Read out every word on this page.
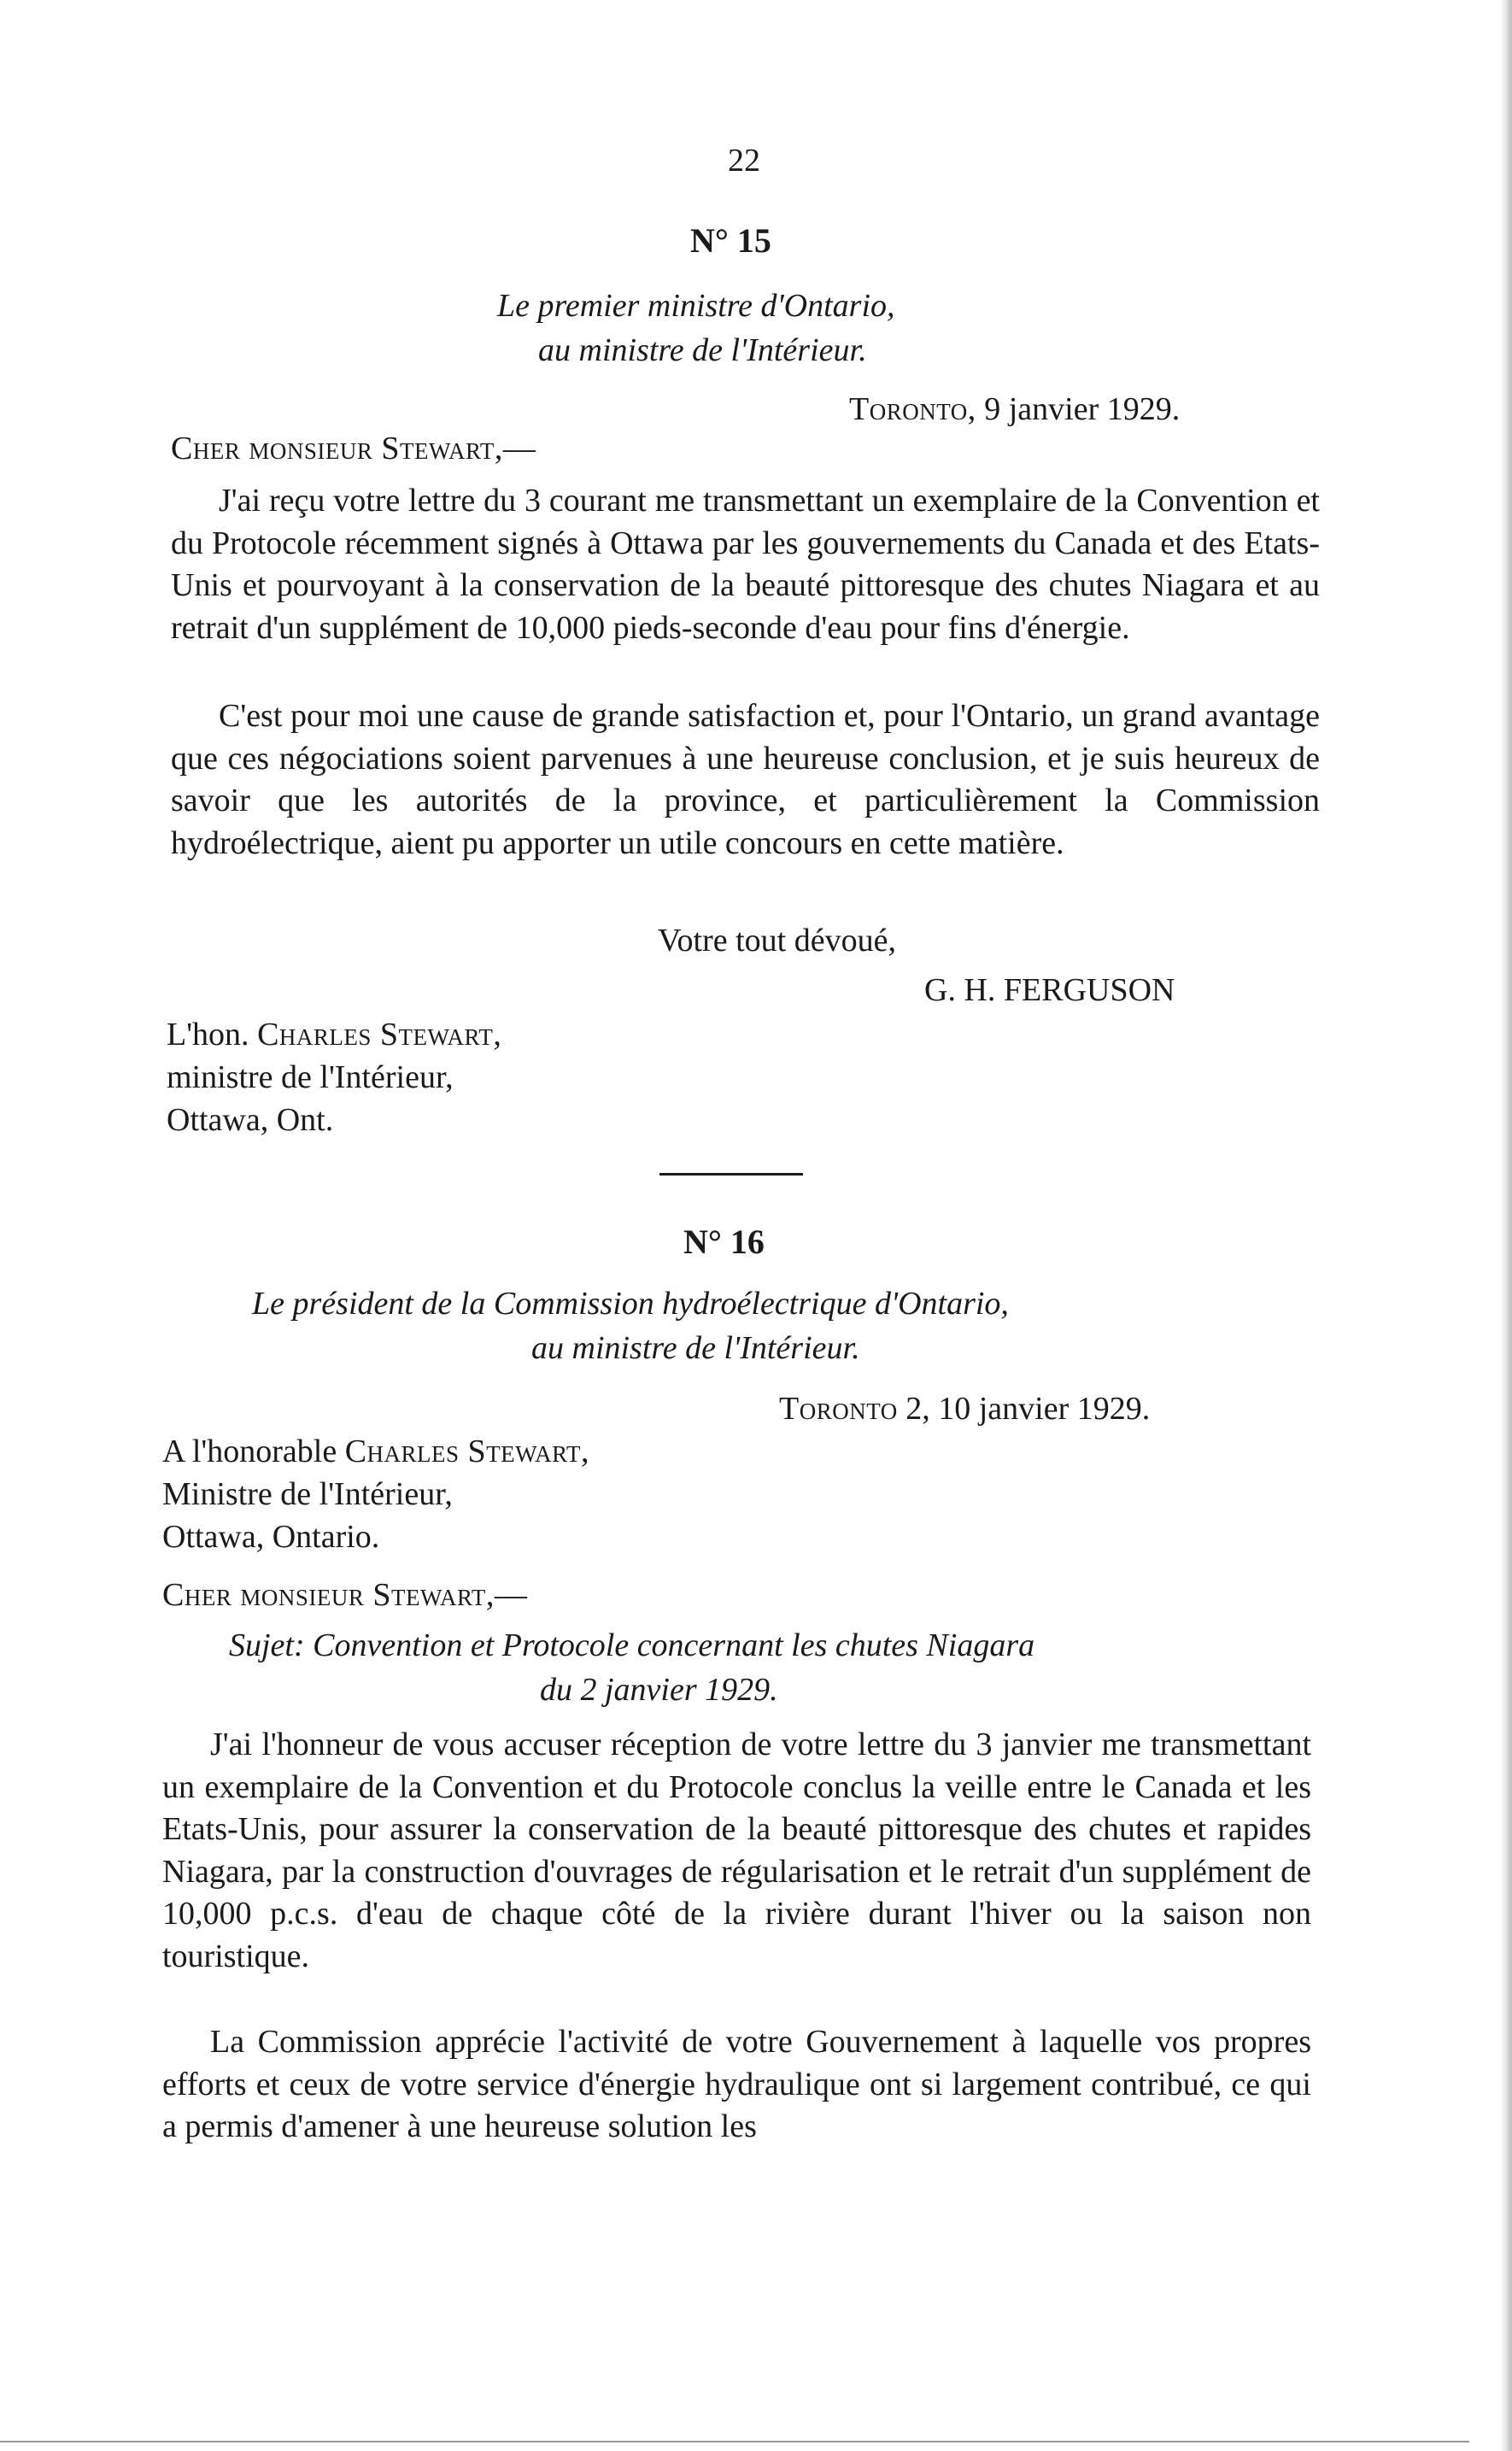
22
N° 15
Le premier ministre d'Ontario,
au ministre de l'Intérieur.
Toronto, 9 janvier 1929.
Cher monsieur Stewart,—
J'ai reçu votre lettre du 3 courant me transmettant un exemplaire de la Convention et du Protocole récemment signés à Ottawa par les gouvernements du Canada et des Etats-Unis et pourvoyant à la conservation de la beauté pittoresque des chutes Niagara et au retrait d'un supplément de 10,000 pieds-seconde d'eau pour fins d'énergie.
C'est pour moi une cause de grande satisfaction et, pour l'Ontario, un grand avantage que ces négociations soient parvenues à une heureuse conclusion, et je suis heureux de savoir que les autorités de la province, et particulièrement la Commission hydroélectrique, aient pu apporter un utile concours en cette matière.
Votre tout dévoué,
G. H. FERGUSON
L'hon. Charles Stewart,
ministre de l'Intérieur,
Ottawa, Ont.
N° 16
Le président de la Commission hydroélectrique d'Ontario,
au ministre de l'Intérieur.
Toronto 2, 10 janvier 1929.
A l'honorable Charles Stewart,
Ministre de l'Intérieur,
Ottawa, Ontario.
Cher monsieur Stewart,—
Sujet: Convention et Protocole concernant les chutes Niagara
du 2 janvier 1929.
J'ai l'honneur de vous accuser réception de votre lettre du 3 janvier me transmettant un exemplaire de la Convention et du Protocole conclus la veille entre le Canada et les Etats-Unis, pour assurer la conservation de la beauté pittoresque des chutes et rapides Niagara, par la construction d'ouvrages de régularisation et le retrait d'un supplément de 10,000 p.c.s. d'eau de chaque côté de la rivière durant l'hiver ou la saison non touristique.
La Commission apprécie l'activité de votre Gouvernement à laquelle vos propres efforts et ceux de votre service d'énergie hydraulique ont si largement contribué, ce qui a permis d'amener à une heureuse solution les
